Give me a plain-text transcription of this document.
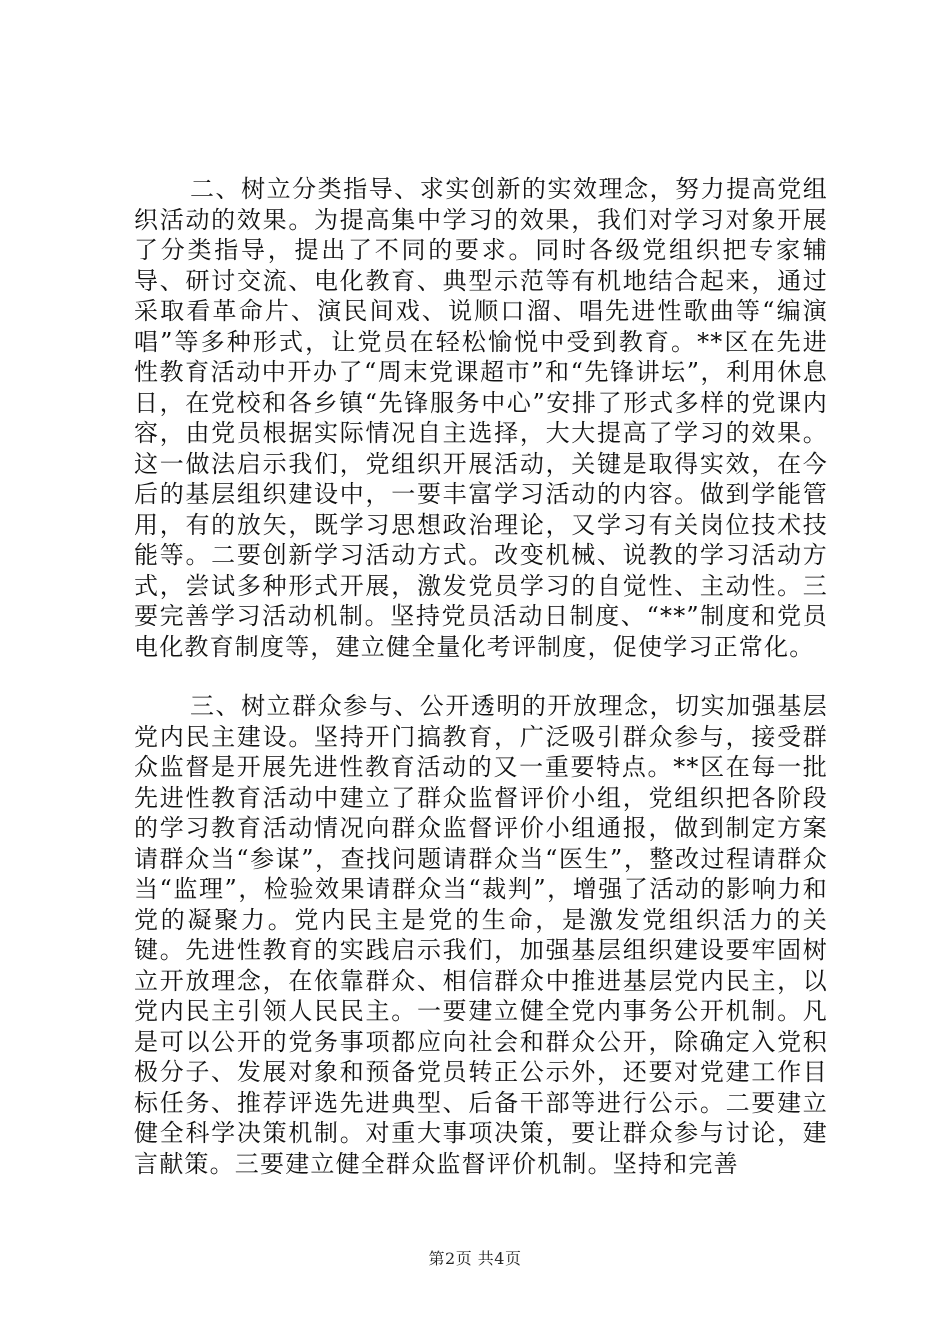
二、树立分类指导、求实创新的实效理念，努力提高党组织活动的效果。为提高集中学习的效果，我们对学习对象开展了分类指导，提出了不同的要求。同时各级党组织把专家辅导、研讨交流、电化教育、典型示范等有机地结合起来，通过采取看革命片、演民间戏、说顺口溜、唱先进性歌曲等“编演唱”等多种形式，让党员在轻松愉悦中受到教育。**区在先进性教育活动中开办了“周末党课超市”和“先锋讲坛”，利用休息日，在党校和各乡镇“先锋服务中心”安排了形式多样的党课内容，由党员根据实际情况自主选择，大大提高了学习的效果。这一做法启示我们，党组织开展活动，关键是取得实效，在今后的基层组织建设中，一要丰富学习活动的内容。做到学能管用，有的放矢，既学习思想政治理论，又学习有关岗位技术技能等。二要创新学习活动方式。改变机械、说教的学习活动方式，尝试多种形式开展，激发党员学习的自觉性、主动性。三要完善学习活动机制。坚持党员活动日制度、“**”制度和党员电化教育制度等，建立健全量化考评制度，促使学习正常化。

三、树立群众参与、公开透明的开放理念，切实加强基层党内民主建设。坚持开门搞教育，广泛吸引群众参与，接受群众监督是开展先进性教育活动的又一重要特点。**区在每一批先进性教育活动中建立了群众监督评价小组，党组织把各阶段的学习教育活动情况向群众监督评价小组通报，做到制定方案请群众当“参谋”，查找问题请群众当“医生”，整改过程请群众当“监理”，检验效果请群众当“裁判”，增强了活动的影响力和党的凝聚力。党内民主是党的生命，是激发党组织活力的关键。先进性教育的实践启示我们，加强基层组织建设要牢固树立开放理念，在依靠群众、相信群众中推进基层党内民主，以党内民主引领人民民主。一要建立健全党内事务公开机制。凡是可以公开的党务事项都应向社会和群众公开，除确定入党积极分子、发展对象和预备党员转正公示外，还要对党建工作目标任务、推荐评选先进典型、后备干部等进行公示。二要建立健全科学决策机制。对重大事项决策，要让群众参与讨论，建言献策。三要建立健全群众监督评价机制。坚持和完善

第2页 共4页
